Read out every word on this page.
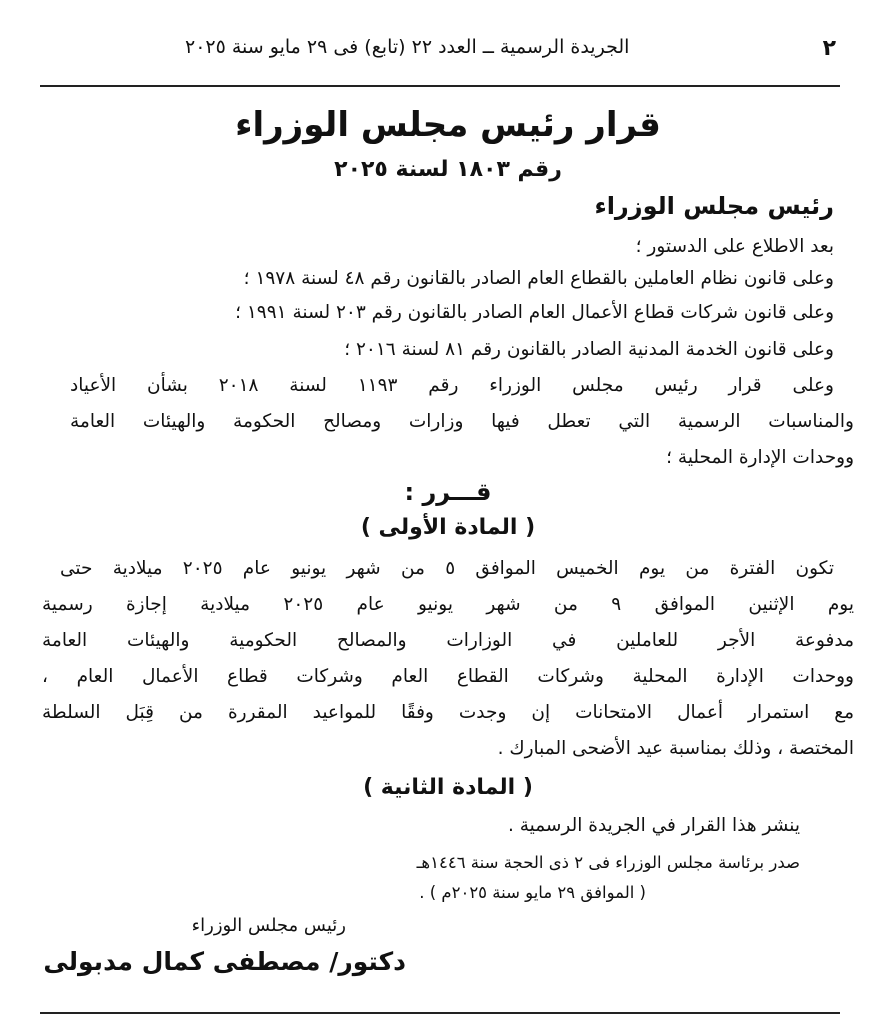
٢
الجريدة الرسمية ــ العدد ٢٢ (تابع) فى ٢٩ مايو سنة ٢٠٢٥
قرار رئيس مجلس الوزراء
رقم ١٨٠٣ لسنة ٢٠٢٥
رئيس مجلس الوزراء
بعد الاطلاع على الدستور ؛
وعلى قانون نظام العاملين بالقطاع العام الصادر بالقانون رقم ٤٨ لسنة ١٩٧٨ ؛
وعلى قانون شركات قطاع الأعمال العام الصادر بالقانون رقم ٢٠٣ لسنة ١٩٩١ ؛
وعلى قانون الخدمة المدنية الصادر بالقانون رقم ٨١ لسنة ٢٠١٦ ؛
وعلى قرار رئيس مجلس الوزراء رقم ١١٩٣ لسنة ٢٠١٨ بشأن الأعياد
والمناسبات الرسمية التي تعطل فيها وزارات ومصالح الحكومة والهيئات العامة
ووحدات الإدارة المحلية ؛
قـــرر :
( المادة الأولى )
تكون الفترة من يوم الخميس الموافق ٥ من شهر يونيو عام ٢٠٢٥ ميلادية حتى
يوم الإثنين الموافق ٩ من شهر يونيو عام ٢٠٢٥ ميلادية إجازة رسمية
مدفوعة الأجر للعاملين في الوزارات والمصالح الحكومية والهيئات العامة
ووحدات الإدارة المحلية وشركات القطاع العام وشركات قطاع الأعمال العام ،
مع استمرار أعمال الامتحانات إن وجدت وفقًا للمواعيد المقررة من قِبَل السلطة
المختصة ، وذلك بمناسبة عيد الأضحى المبارك .
( المادة الثانية )
ينشر هذا القرار في الجريدة الرسمية .
صدر برئاسة مجلس الوزراء فى ٢ ذى الحجة سنة ١٤٤٦هـ
( الموافق ٢٩ مايو سنة ٢٠٢٥م ) .
رئيس مجلس الوزراء
دكتور/ مصطفى كمال مدبولى
